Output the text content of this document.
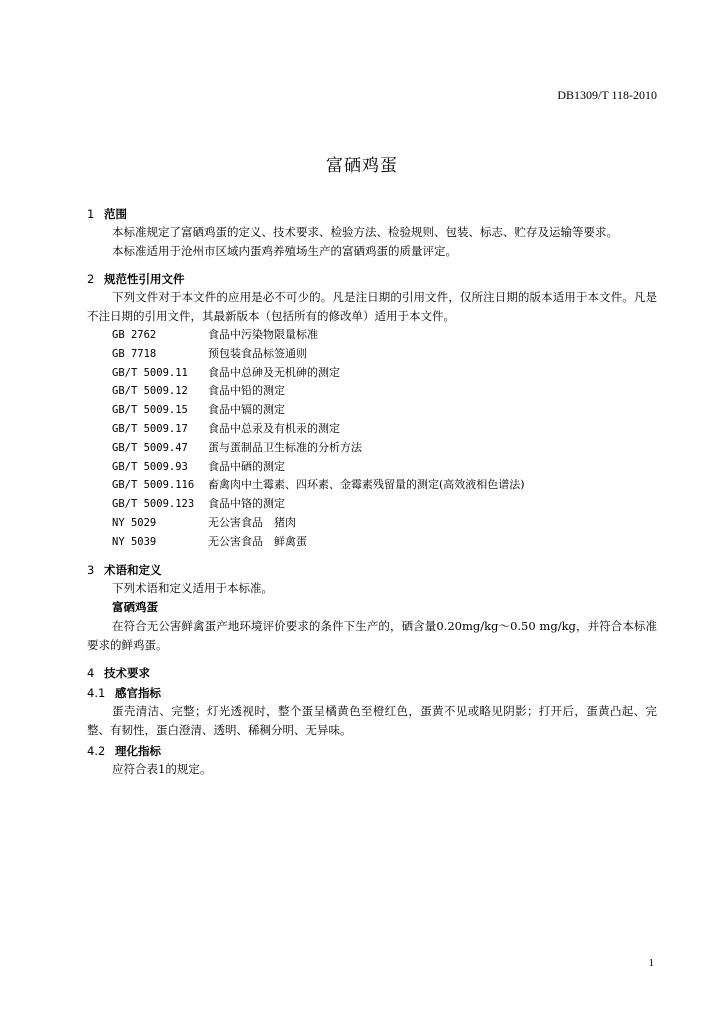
DB1309/T 118-2010
富硒鸡蛋
1 范围

本标准规定了富硒鸡蛋的定义、技术要求、检验方法、检验规则、包装、标志、贮存及运输等要求。

本标准适用于沧州市区域内蛋鸡养殖场生产的富硒鸡蛋的质量评定。

2 规范性引用文件

下列文件对于本文件的应用是必不可少的。凡是注日期的引用文件，仅所注日期的版本适用于本文件。凡是不注日期的引用文件，其最新版本（包括所有的修改单）适用于本文件。

GB 2762	食品中污染物限量标准
GB 7718	预包装食品标签通则
GB/T 5009.11 食品中总砷及无机砷的测定
GB/T 5009.12 食品中铅的测定
GB/T 5009.15 食品中镉的测定
GB/T 5009.17 食品中总汞及有机汞的测定
GB/T 5009.47 蛋与蛋制品卫生标准的分析方法
GB/T 5009.93 食品中硒的测定
GB/T 5009.116 畜禽肉中土霉素、四环素、金霉素残留量的测定(高效液相色谱法)
GB/T 5009.123 食品中铬的测定
NY 5029	无公害食品　猪肉
NY 5039	无公害食品　鲜禽蛋
3 术语和定义

下列术语和定义适用于本标准。

富硒鸡蛋

在符合无公害鲜禽蛋产地环境评价要求的条件下生产的，硒含量0.20mg/kg～0.50 mg/kg，并符合本标准要求的鲜鸡蛋。

4 技术要求
4.1 感官指标

蛋壳清洁、完整；灯光透视时，整个蛋呈橘黄色至橙红色，蛋黄不见或略见阴影；打开后，蛋黄凸起、完整、有韧性，蛋白澄清、透明、稀稠分明、无异味。

4.2 理化指标

应符合表1的规定。

1
